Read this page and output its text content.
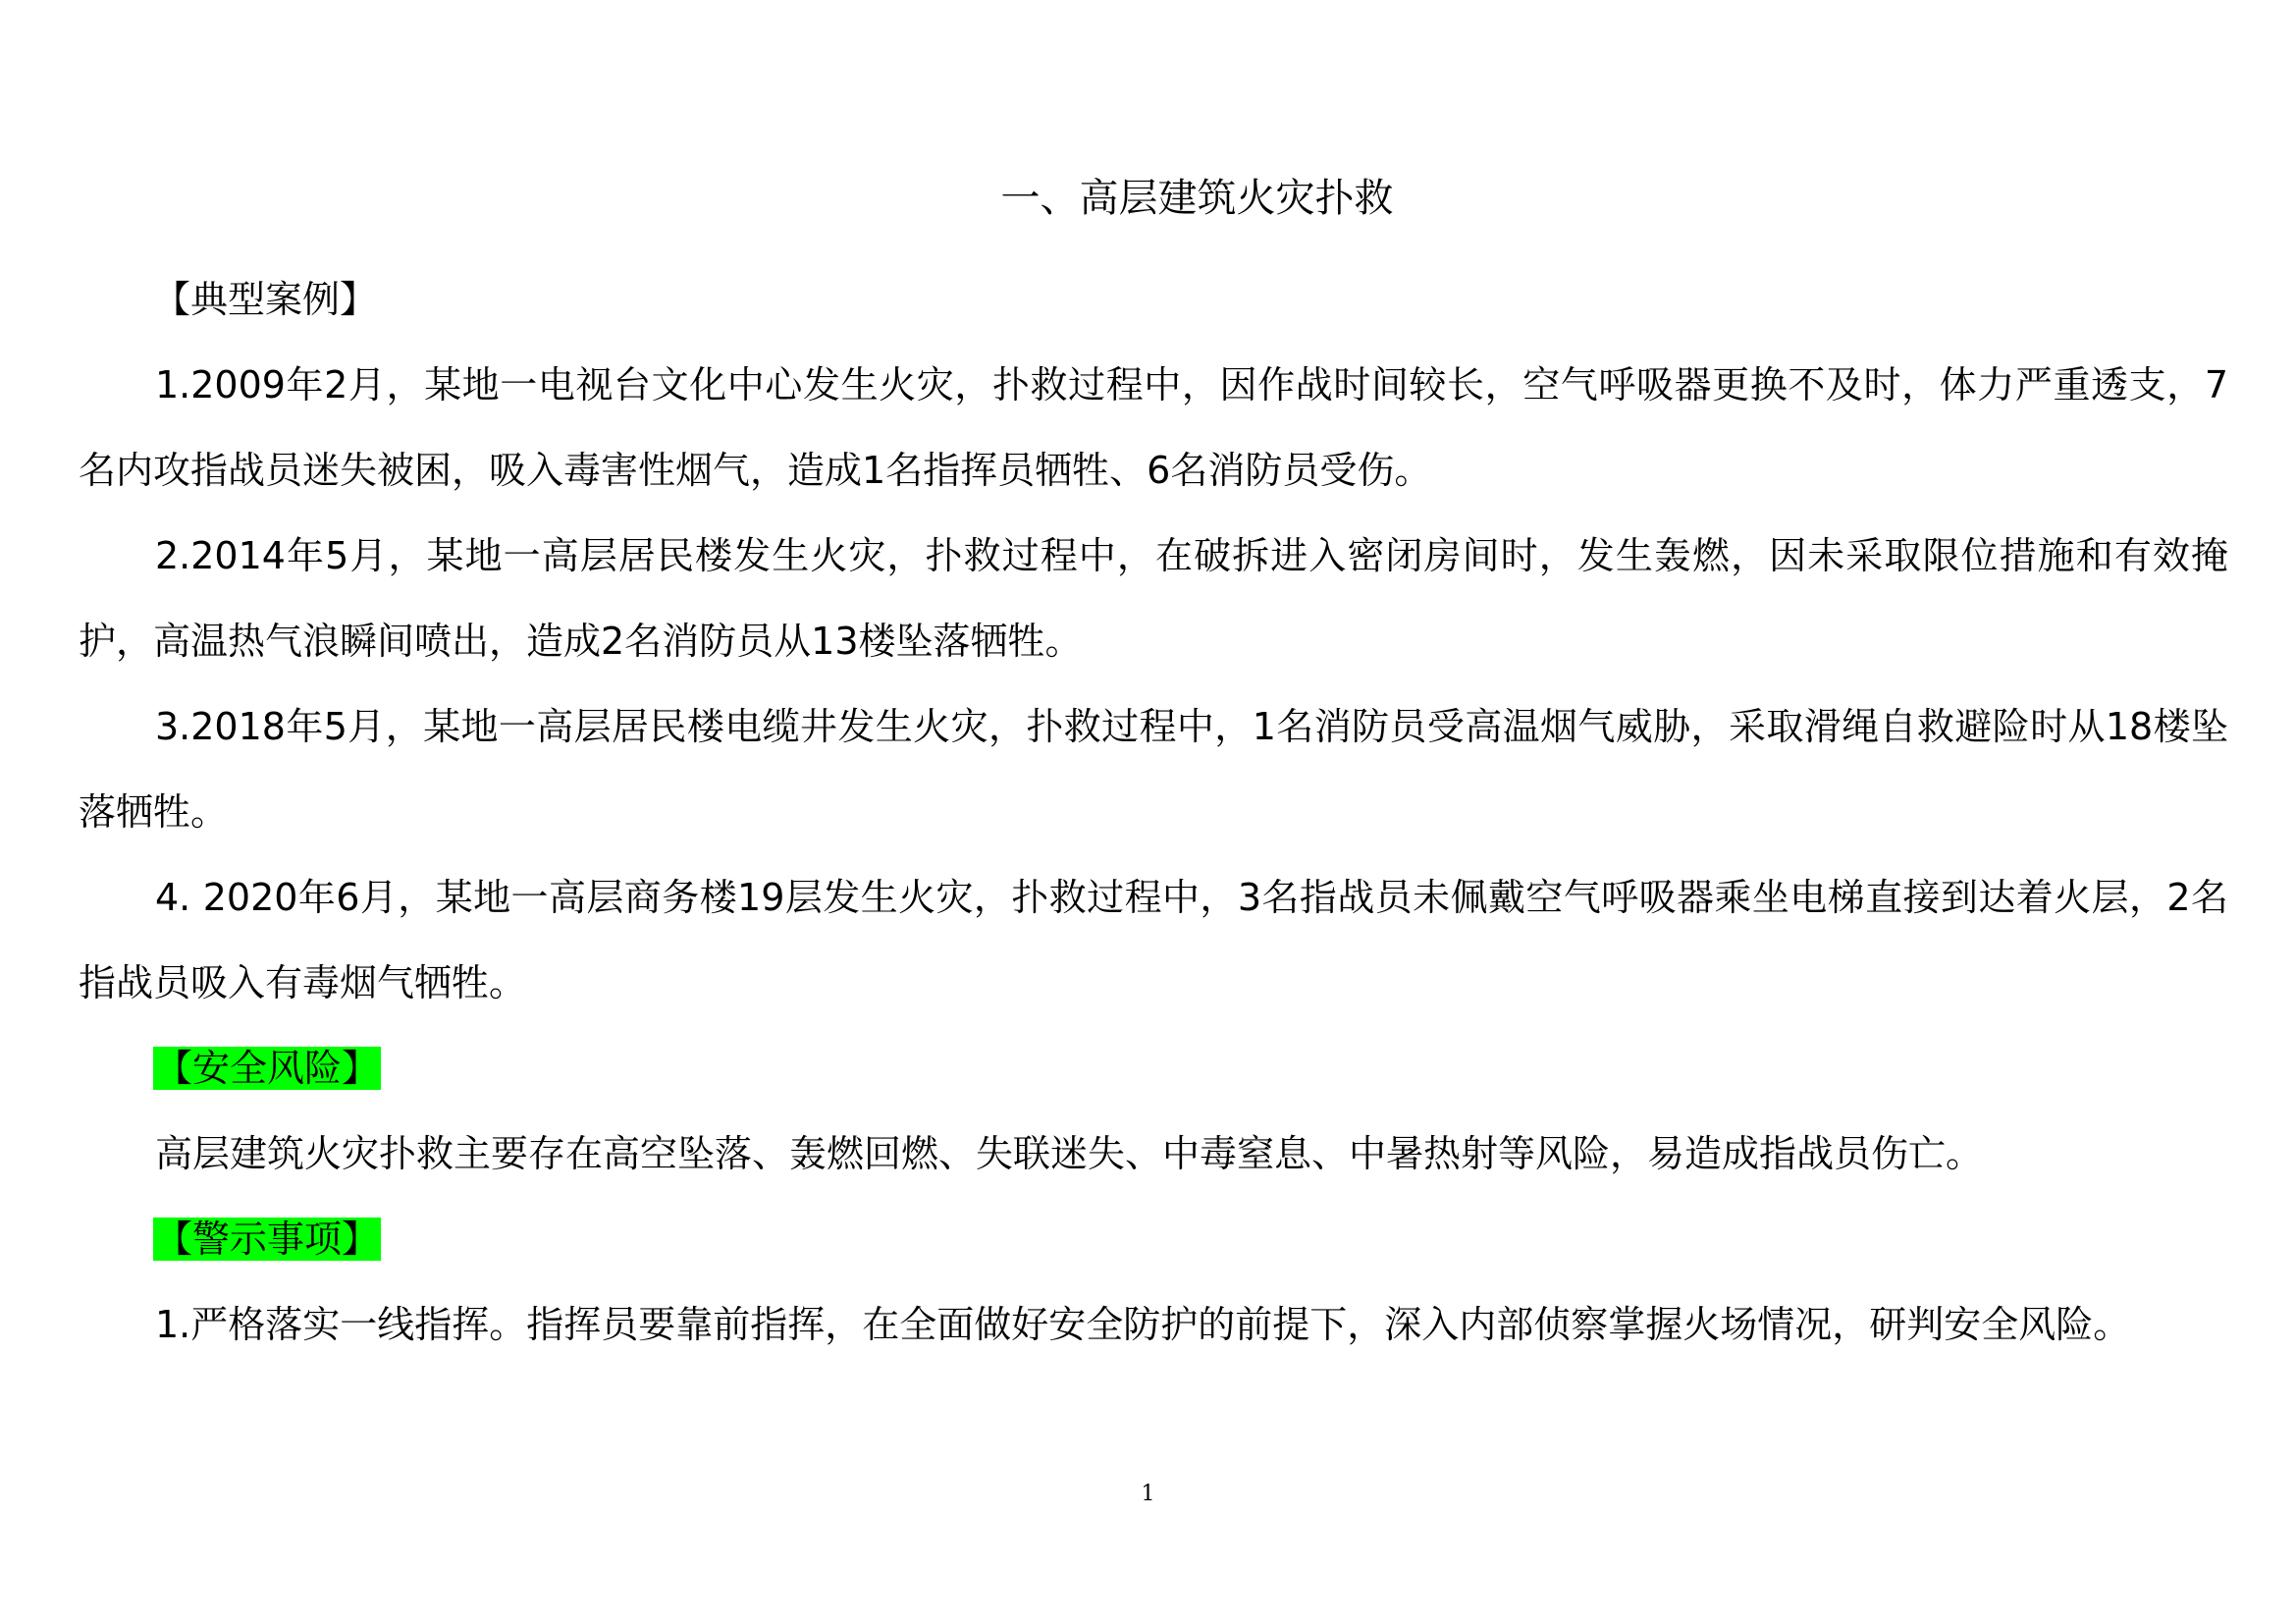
一、高层建筑火灾扑救

【典型案例】

1.2009年2月，某地一电视台文化中心发生火灾，扑救过程中，因作战时间较长，空气呼吸器更换不及时，体力严重透支，7名内攻指战员迷失被困，吸入毒害性烟气，造成1名指挥员牺牲、6名消防员受伤。

2.2014年5月，某地一高层居民楼发生火灾，扑救过程中，在破拆进入密闭房间时，发生轰燃，因未采取限位措施和有效掩护，高温热气浪瞬间喷出，造成2名消防员从13楼坠落牺牲。

3.2018年5月，某地一高层居民楼电缆井发生火灾，扑救过程中，1名消防员受高温烟气威胁，采取滑绳自救避险时从18楼坠落牺牲。

4. 2020年6月，某地一高层商务楼19层发生火灾，扑救过程中，3名指战员未佩戴空气呼吸器乘坐电梯直接到达着火层，2名指战员吸入有毒烟气牺牲。

【安全风险】

高层建筑火灾扑救主要存在高空坠落、轰燃回燃、失联迷失、中毒窒息、中暑热射等风险，易造成指战员伤亡。

【警示事项】

1.严格落实一线指挥。指挥员要靠前指挥，在全面做好安全防护的前提下，深入内部侦察掌握火场情况，研判安全风险。

1
